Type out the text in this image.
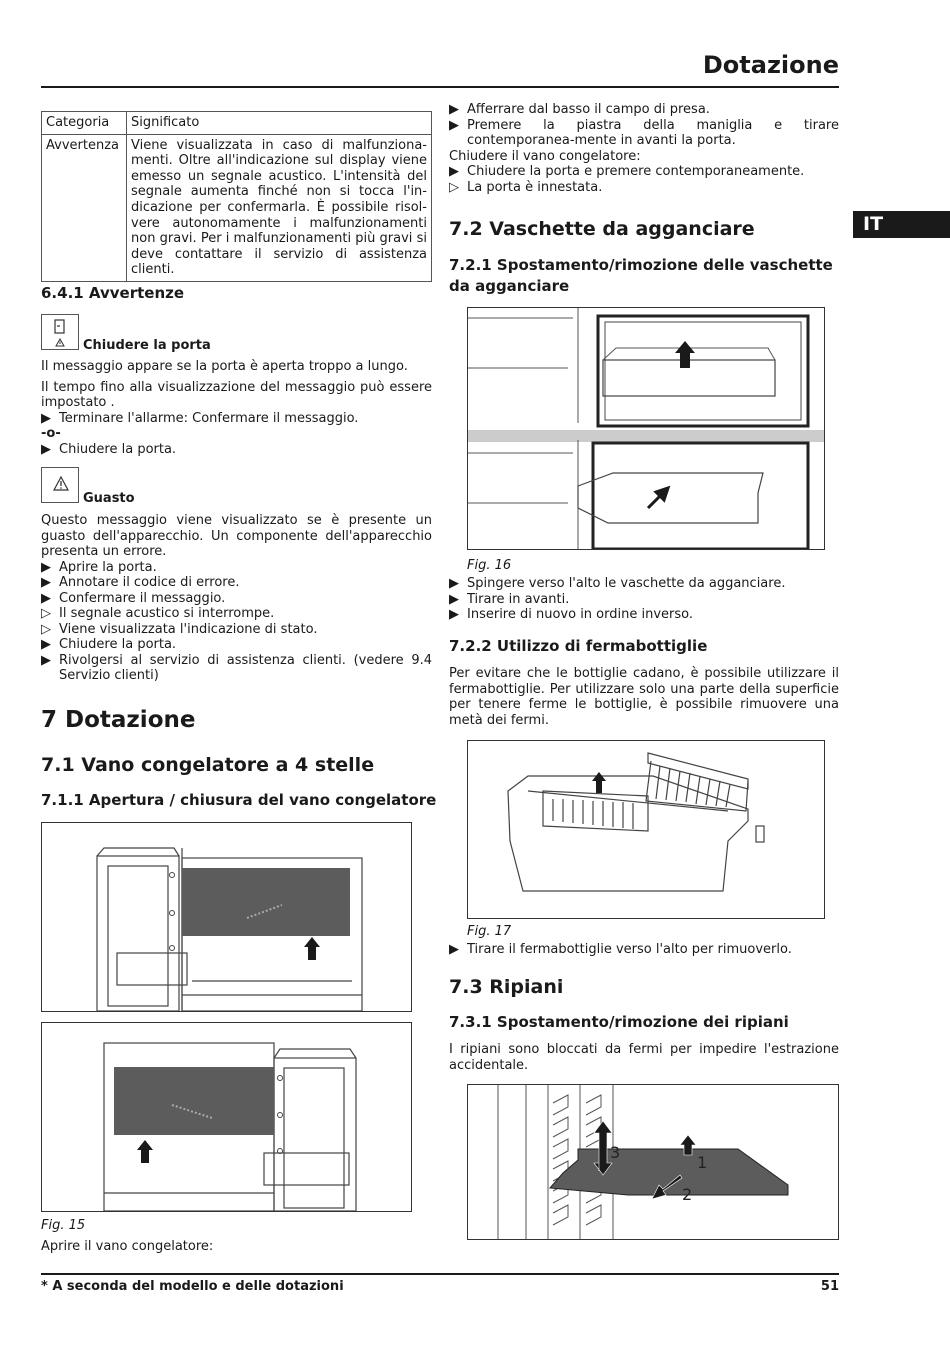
Dotazione
IT
Categoria	Significato
Avvertenza	Viene visualizzata in caso di malfunziona-menti. Oltre all'indicazione sul display viene emesso un segnale acustico. L'intensità del segnale aumenta finché non si tocca l'in-dicazione per confermarla. È possibile risol-vere autonomamente i malfunzionamenti non gravi. Per i malfunzionamenti più gravi si deve contattare il servizio di assistenza clienti.
6.4.1 Avvertenze
Chiudere la porta
Il messaggio appare se la porta è aperta troppo a lungo.
Il tempo fino alla visualizzazione del messaggio può essere impostato .
▶ Terminare l'allarme: Confermare il messaggio.
-o-
▶ Chiudere la porta.
Guasto
Questo messaggio viene visualizzato se è presente un guasto dell'apparecchio. Un componente dell'apparecchio presenta un errore.
▶ Aprire la porta.
▶ Annotare il codice di errore.
▶ Confermare il messaggio.
▷ Il segnale acustico si interrompe.
▷ Viene visualizzata l'indicazione di stato.
▶ Chiudere la porta.
▶ Rivolgersi al servizio di assistenza clienti. (vedere 9.4 Servizio clienti)
7 Dotazione
7.1 Vano congelatore a 4 stelle
7.1.1 Apertura / chiusura del vano congelatore
Fig. 15
Aprire il vano congelatore:
▶ Afferrare dal basso il campo di presa.
▶ Premere la piastra della maniglia e tirare contemporanea-mente in avanti la porta.
Chiudere il vano congelatore:
▶ Chiudere la porta e premere contemporaneamente.
▷ La porta è innestata.
7.2 Vaschette da agganciare
7.2.1 Spostamento/rimozione delle vaschette da agganciare
Fig. 16
▶ Spingere verso l'alto le vaschette da agganciare.
▶ Tirare in avanti.
▶ Inserire di nuovo in ordine inverso.
7.2.2 Utilizzo di fermabottiglie
Per evitare che le bottiglie cadano, è possibile utilizzare il fermabottiglie. Per utilizzare solo una parte della superficie per tenere ferme le bottiglie, è possibile rimuovere una metà dei fermi.
Fig. 17
▶ Tirare il fermabottiglie verso l'alto per rimuoverlo.
7.3 Ripiani
7.3.1 Spostamento/rimozione dei ripiani
I ripiani sono bloccati da fermi per impedire l'estrazione accidentale.
1
2
3
* A seconda del modello e delle dotazioni	51
